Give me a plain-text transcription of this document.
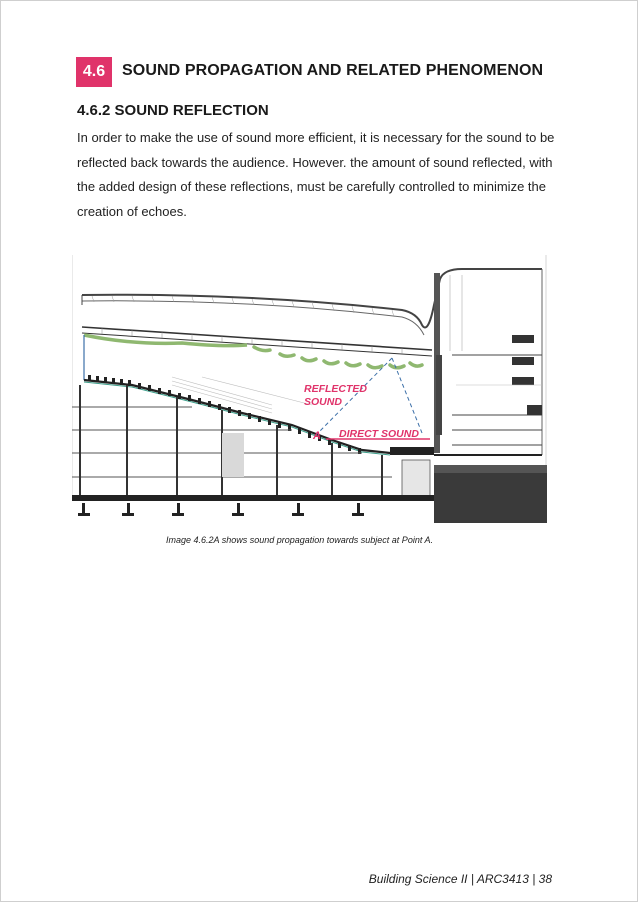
4.6	SOUND PROPAGATION AND RELATED PHENOMENON
4.6.2 SOUND REFLECTION

In order to make the use of sound more efficient, it is necessary for the sound to be reflected back towards the audience. However. the amount of sound reflected, with the added design of these reflections, must be carefully controlled to minimize the creation of echoes.

REFLECTED
SOUND
A DIRECT SOUND
Image 4.6.2A shows sound propagation towards subject at Point A.
Building Science II | ARC3413 | 38
